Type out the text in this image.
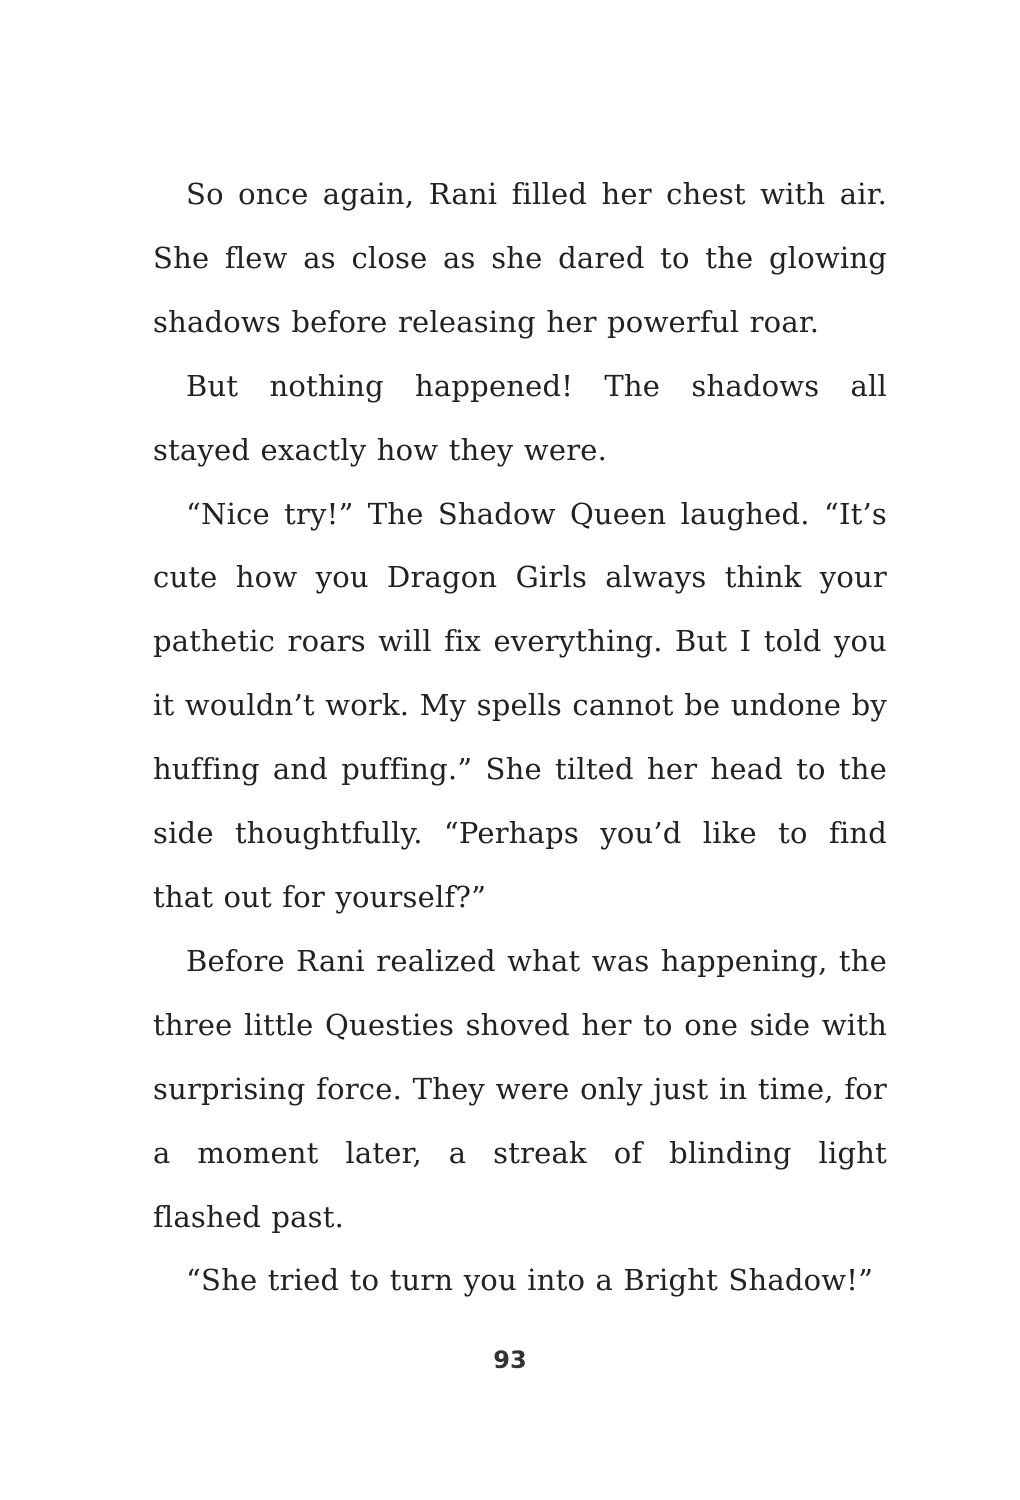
So once again, Rani filled her chest with air. She flew as close as she dared to the glowing shadows before releasing her powerful roar.

But nothing happened! The shadows all stayed exactly how they were.

“Nice try!” The Shadow Queen laughed. “It’s cute how you Dragon Girls always think your pathetic roars will fix everything. But I told you it wouldn’t work. My spells cannot be undone by huffing and puffing.” She tilted her head to the side thoughtfully. “Perhaps you’d like to find that out for yourself?”

Before Rani realized what was happening, the three little Questies shoved her to one side with surprising force. They were only just in time, for a moment later, a streak of blinding light flashed past.

“She tried to turn you into a Bright Shadow!”

93
